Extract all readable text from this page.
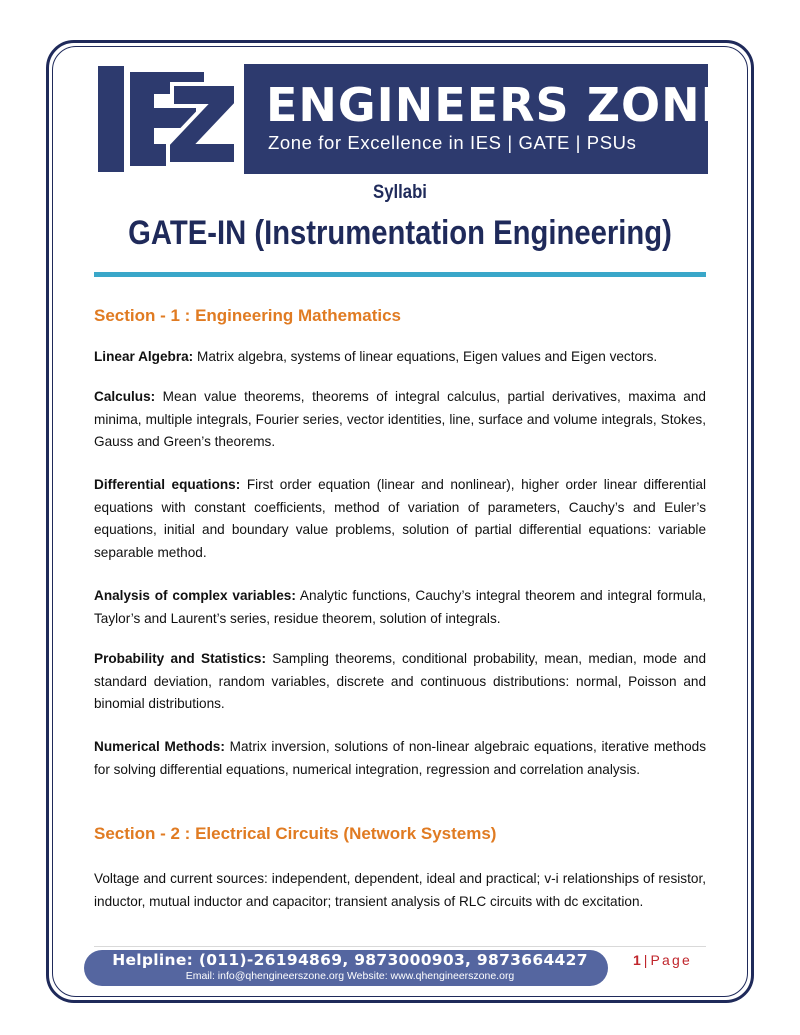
ENGINEERS ZONE
Zone for Excellence in IES | GATE | PSUs
Syllabi
GATE-IN (Instrumentation Engineering)
Section - 1 : Engineering Mathematics

Linear Algebra: Matrix algebra, systems of linear equations, Eigen values and Eigen vectors.

Calculus: Mean value theorems, theorems of integral calculus, partial derivatives, maxima and minima, multiple integrals, Fourier series, vector identities, line, surface and volume integrals, Stokes, Gauss and Green’s theorems.

Differential equations: First order equation (linear and nonlinear), higher order linear differential equations with constant coefficients, method of variation of parameters, Cauchy’s and Euler’s equations, initial and boundary value problems, solution of partial differential equations: variable separable method.

Analysis of complex variables: Analytic functions, Cauchy’s integral theorem and integral formula, Taylor’s and Laurent’s series, residue theorem, solution of integrals.

Probability and Statistics: Sampling theorems, conditional probability, mean, median, mode and standard deviation, random variables, discrete and continuous distributions: normal, Poisson and binomial distributions.

Numerical Methods: Matrix inversion, solutions of non-linear algebraic equations, iterative methods for solving differential equations, numerical integration, regression and correlation analysis.

Section - 2 : Electrical Circuits (Network Systems)

Voltage and current sources: independent, dependent, ideal and practical; v-i relationships of resistor, inductor, mutual inductor and capacitor; transient analysis of RLC circuits with dc excitation.

Helpline: (011)-26194869, 9873000903, 9873664427
Email: info@qhengineerszone.org Website: www.qhengineerszone.org
1 | Page
